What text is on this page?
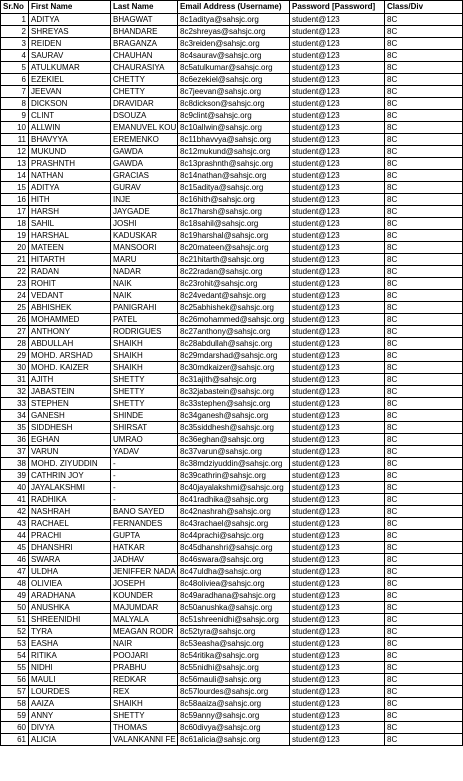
Sr.No	First Name	Last Name	Email Address (Username)	Password [Password]	Class/Div
1	ADITYA	BHAGWAT	8c1aditya@sahsjc.org	student@123	8C
2	SHREYAS	BHANDARE	8c2shreyas@sahsjc.org	student@123	8C
3	REIDEN	BRAGANZA	8c3reiden@sahsjc.org	student@123	8C
4	SAURAV	CHAUHAN	8c4saurav@sahsjc.org	student@123	8C
5	ATULKUMAR	CHAURASIYA	8c5atulkumar@sahsjc.org	student@123	8C
6	EZEKIEL	CHETTY	8c6ezekiel@sahsjc.org	student@123	8C
7	JEEVAN	CHETTY	8c7jeevan@sahsjc.org	student@123	8C
8	DICKSON	DRAVIDAR	8c8dickson@sahsjc.org	student@123	8C
9	CLINT	DSOUZA	8c9clint@sahsjc.org	student@123	8C
10	ALLWIN	EMANUVEL KOU	8c10allwin@sahsjc.org	student@123	8C
11	BHAVYYA	EREMENKO	8c11bhavvya@sahsjc.org	student@123	8C
12	MUKUND	GAWDA	8c12mukund@sahsjc.org	student@123	8C
13	PRASHNTH	GAWDA	8c13prashnth@sahsjc.org	student@123	8C
14	NATHAN	GRACIAS	8c14nathan@sahsjc.org	student@123	8C
15	ADITYA	GURAV	8c15aditya@sahsjc.org	student@123	8C
16	HITH	INJE	8c16hith@sahsjc.org	student@123	8C
17	HARSH	JAYGADE	8c17harsh@sahsjc.org	student@123	8C
18	SAHIL	JOSHI	8c18sahil@sahsjc.org	student@123	8C
19	HARSHAL	KADUSKAR	8c19harshal@sahsjc.org	student@123	8C
20	MATEEN	MANSOORI	8c20mateen@sahsjc.org	student@123	8C
21	HITARTH	MARU	8c21hitarth@sahsjc.org	student@123	8C
22	RADAN	NADAR	8c22radan@sahsjc.org	student@123	8C
23	ROHIT	NAIK	8c23rohit@sahsjc.org	student@123	8C
24	VEDANT	NAIK	8c24vedant@sahsjc.org	student@123	8C
25	ABHISHEK	PANIGRAHI	8c25abhishek@sahsjc.org	student@123	8C
26	MOHAMMED	PATEL	8c26mohammed@sahsjc.org	student@123	8C
27	ANTHONY	RODRIGUES	8c27anthony@sahsjc.org	student@123	8C
28	ABDULLAH	SHAIKH	8c28abdullah@sahsjc.org	student@123	8C
29	MOHD. ARSHAD	SHAIKH	8c29mdarshad@sahsjc.org	student@123	8C
30	MOHD. KAIZER	SHAIKH	8c30mdkaizer@sahsjc.org	student@123	8C
31	AJITH	SHETTY	8c31ajith@sahsjc.org	student@123	8C
32	JABASTEIN	SHETTY	8c32jabastein@sahsjc.org	student@123	8C
33	STEPHEN	SHETTY	8c33stephen@sahsjc.org	student@123	8C
34	GANESH	SHINDE	8c34ganesh@sahsjc.org	student@123	8C
35	SIDDHESH	SHIRSAT	8c35siddhesh@sahsjc.org	student@123	8C
36	EGHAN	UMRAO	8c36eghan@sahsjc.org	student@123	8C
37	VARUN	YADAV	8c37varun@sahsjc.org	student@123	8C
38	MOHD. ZIYUDDIN	-	8c38mdziyuddin@sahsjc.org	student@123	8C
39	CATHRIN JOY	-	8c39cathrin@sahsjc.org	student@123	8C
40	JAYALAKSHMI	-	8c40jayalakshmi@sahsjc.org	student@123	8C
41	RADHIKA	-	8c41radhika@sahsjc.org	student@123	8C
42	NASHRAH	BANO SAYED	8c42nashrah@sahsjc.org	student@123	8C
43	RACHAEL	FERNANDES	8c43rachael@sahsjc.org	student@123	8C
44	PRACHI	GUPTA	8c44prachi@sahsjc.org	student@123	8C
45	DHANSHRI	HATKAR	8c45dhanshri@sahsjc.org	student@123	8C
46	SWARA	JADHAV	8c46swara@sahsjc.org	student@123	8C
47	ULDHA	JENIFFER NADA	8c47uldha@sahsjc.org	student@123	8C
48	OLIVIEA	JOSEPH	8c48oliviea@sahsjc.org	student@123	8C
49	ARADHANA	KOUNDER	8c49aradhana@sahsjc.org	student@123	8C
50	ANUSHKA	MAJUMDAR	8c50anushka@sahsjc.org	student@123	8C
51	SHREENIDHI	MALYALA	8c51shreenidhi@sahsjc.org	student@123	8C
52	TYRA	MEAGAN RODR	8c52tyra@sahsjc.org	student@123	8C
53	EASHA	NAIR	8c53easha@sahsjc.org	student@123	8C
54	RITIKA	POOJARI	8c54ritika@sahsjc.org	student@123	8C
55	NIDHI	PRABHU	8c55nidhi@sahsjc.org	student@123	8C
56	MAULI	REDKAR	8c56mauli@sahsjc.org	student@123	8C
57	LOURDES	REX	8c57lourdes@sahsjc.org	student@123	8C
58	AAIZA	SHAIKH	8c58aaiza@sahsjc.org	student@123	8C
59	ANNY	SHETTY	8c59anny@sahsjc.org	student@123	8C
60	DIVYA	THOMAS	8c60divya@sahsjc.org	student@123	8C
61	ALICIA	VALANKANNI FE	8c61alicia@sahsjc.org	student@123	8C
